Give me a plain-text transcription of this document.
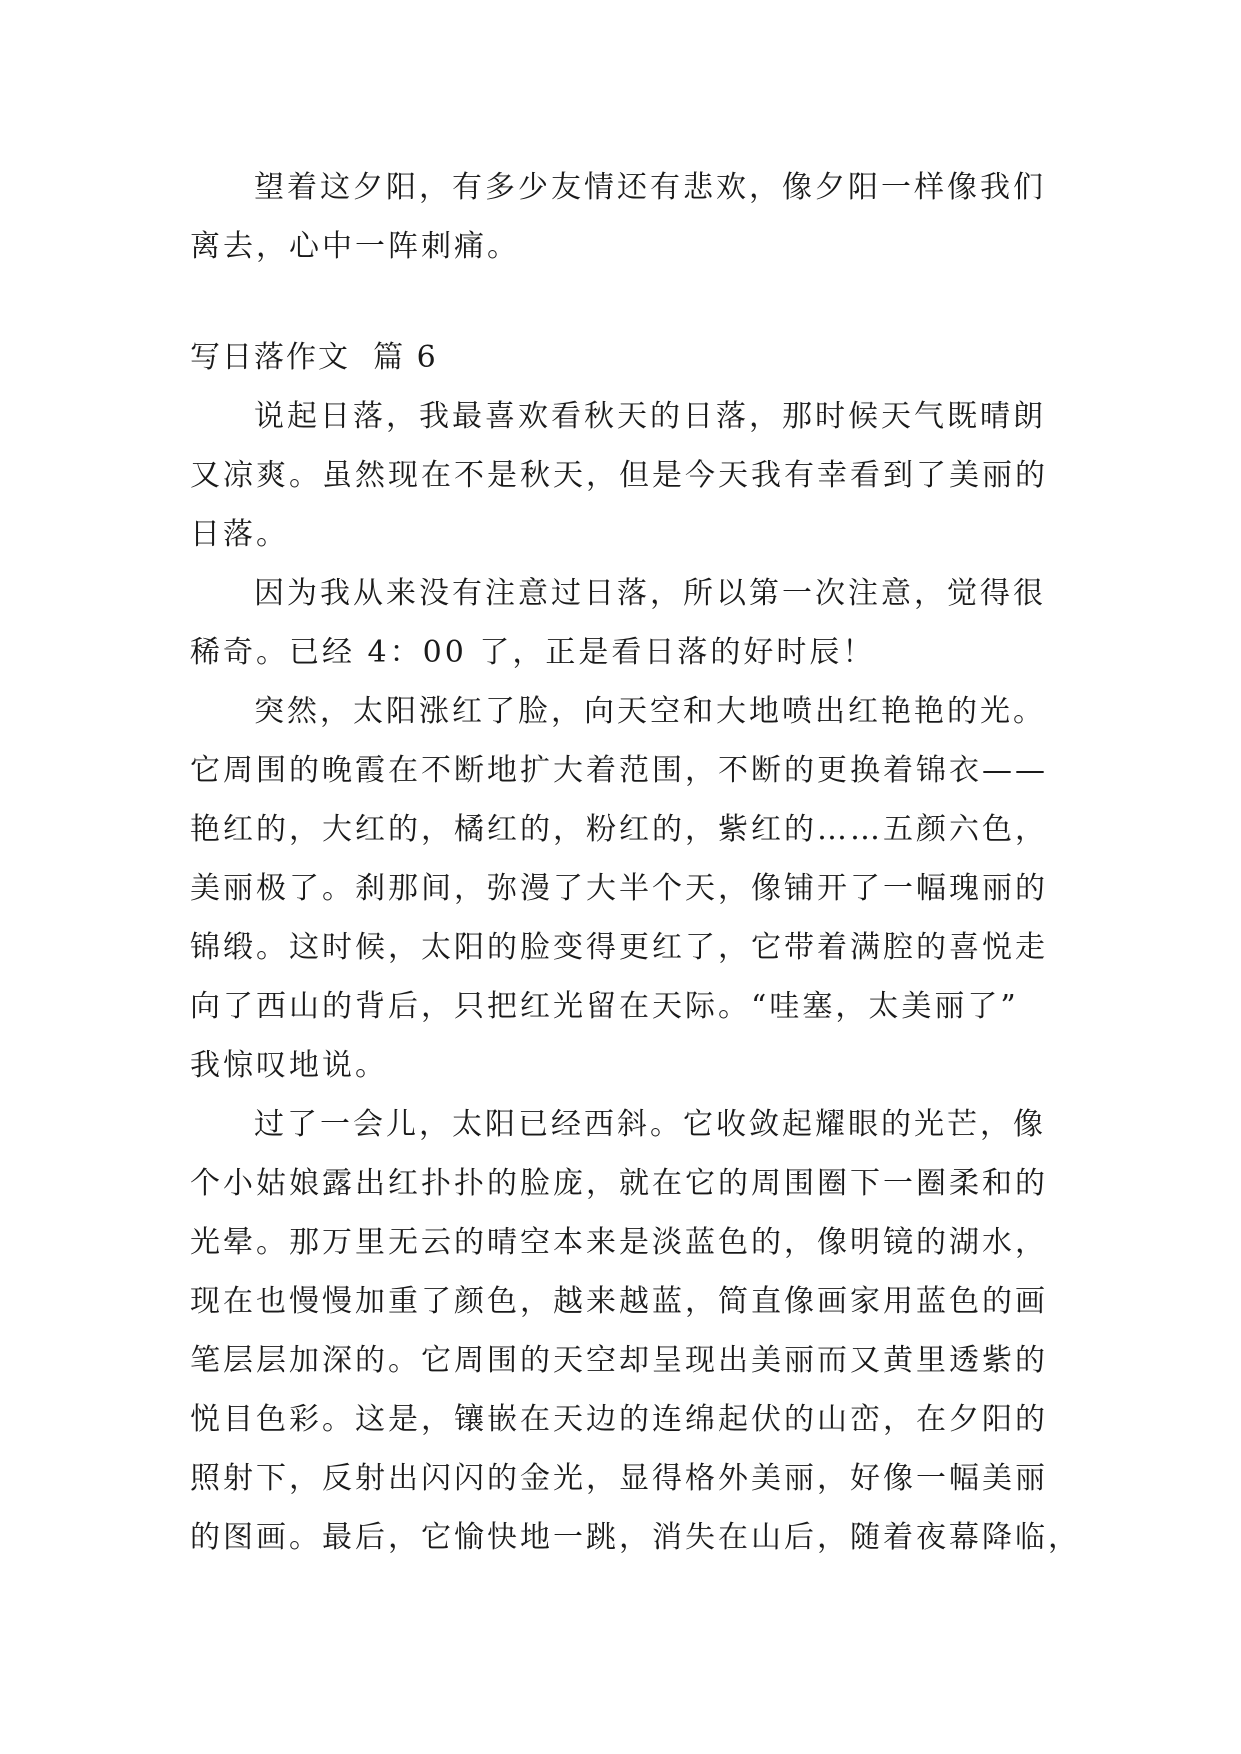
望着这夕阳，有多少友情还有悲欢，像夕阳一样像我们
离去，心中一阵刺痛。

写日落作文  篇 6

说起日落，我最喜欢看秋天的日落，那时候天气既晴朗
又凉爽。虽然现在不是秋天，但是今天我有幸看到了美丽的
日落。

因为我从来没有注意过日落，所以第一次注意，觉得很
稀奇。已经 4：00 了，正是看日落的好时辰！

突然，太阳涨红了脸，向天空和大地喷出红艳艳的光。
它周围的晚霞在不断地扩大着范围，不断的更换着锦衣——
艳红的，大红的，橘红的，粉红的，紫红的……五颜六色，
美丽极了。刹那间，弥漫了大半个天，像铺开了一幅瑰丽的
锦缎。这时候，太阳的脸变得更红了，它带着满腔的喜悦走
向了西山的背后，只把红光留在天际。“哇塞，太美丽了”
我惊叹地说。

过了一会儿，太阳已经西斜。它收敛起耀眼的光芒，像
个小姑娘露出红扑扑的脸庞，就在它的周围圈下一圈柔和的
光晕。那万里无云的晴空本来是淡蓝色的，像明镜的湖水，
现在也慢慢加重了颜色，越来越蓝，简直像画家用蓝色的画
笔层层加深的。它周围的天空却呈现出美丽而又黄里透紫的
悦目色彩。这是，镶嵌在天边的连绵起伏的山峦，在夕阳的
照射下，反射出闪闪的金光，显得格外美丽，好像一幅美丽
的图画。最后，它愉快地一跳，消失在山后，随着夜幕降临，
